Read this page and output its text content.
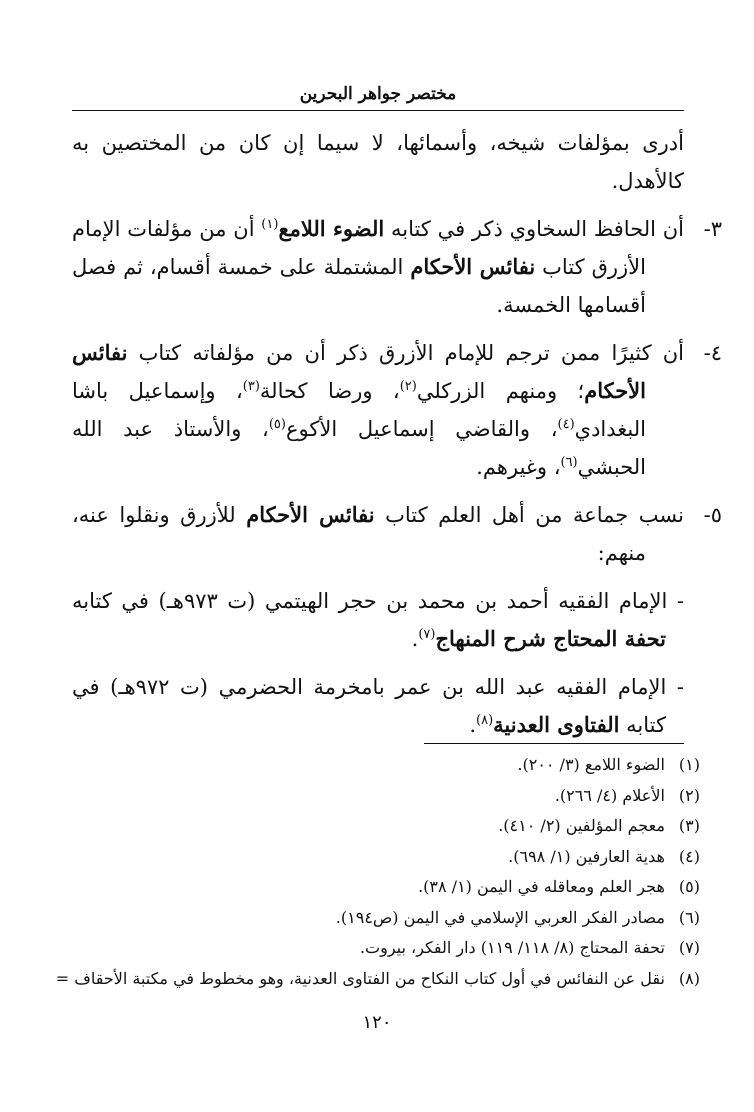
مختصر جواهر البحرين

أدرى بمؤلفات شيخه، وأسمائها، لا سيما إن كان من المختصين به كالأهدل.

٣-أن الحافظ السخاوي ذكر في كتابه الضوء اللامع$^{(١)}$ أن من مؤلفات الإمام الأزرق كتاب نفائس الأحكام المشتملة على خمسة أقسام، ثم فصل أقسامها الخمسة.

٤-أن كثيرًا ممن ترجم للإمام الأزرق ذكر أن من مؤلفاته كتاب نفائس الأحكام؛ ومنهم الزركلي$^{(٢)}$، ورضا كحالة$^{(٣)}$، وإسماعيل باشا البغدادي$^{(٤)}$، والقاضي إسماعيل الأكوع$^{(٥)}$، والأستاذ عبد الله الحبشي$^{(٦)}$، وغيرهم.

٥-نسب جماعة من أهل العلم كتاب نفائس الأحكام للأزرق ونقلوا عنه، منهم:

- الإمام الفقيه أحمد بن محمد بن حجر الهيتمي (ت ٩٧٣هـ) في كتابه تحفة المحتاج شرح المنهاج$^{(٧)}$.

- الإمام الفقيه عبد الله بن عمر بامخرمة الحضرمي (ت ٩٧٢هـ) في كتابه الفتاوى العدنية$^{(٨)}$.

(١) الضوء اللامع (٣/ ٢٠٠).
(٢) الأعلام (٤/ ٢٦٦).
(٣) معجم المؤلفين (٢/ ٤١٠).
(٤) هدية العارفين (١/ ٦٩٨).
(٥) هجر العلم ومعاقله في اليمن (١/ ٣٨).
(٦) مصادر الفكر العربي الإسلامي في اليمن (ص١٩٤).
(٧) تحفة المحتاج (٨/ ١١٨/ ١١٩) دار الفكر، بيروت.
(٨) نقل عن النفائس في أول كتاب النكاح من الفتاوى العدنية، وهو مخطوط في مكتبة الأحقاف =
١٢٠
